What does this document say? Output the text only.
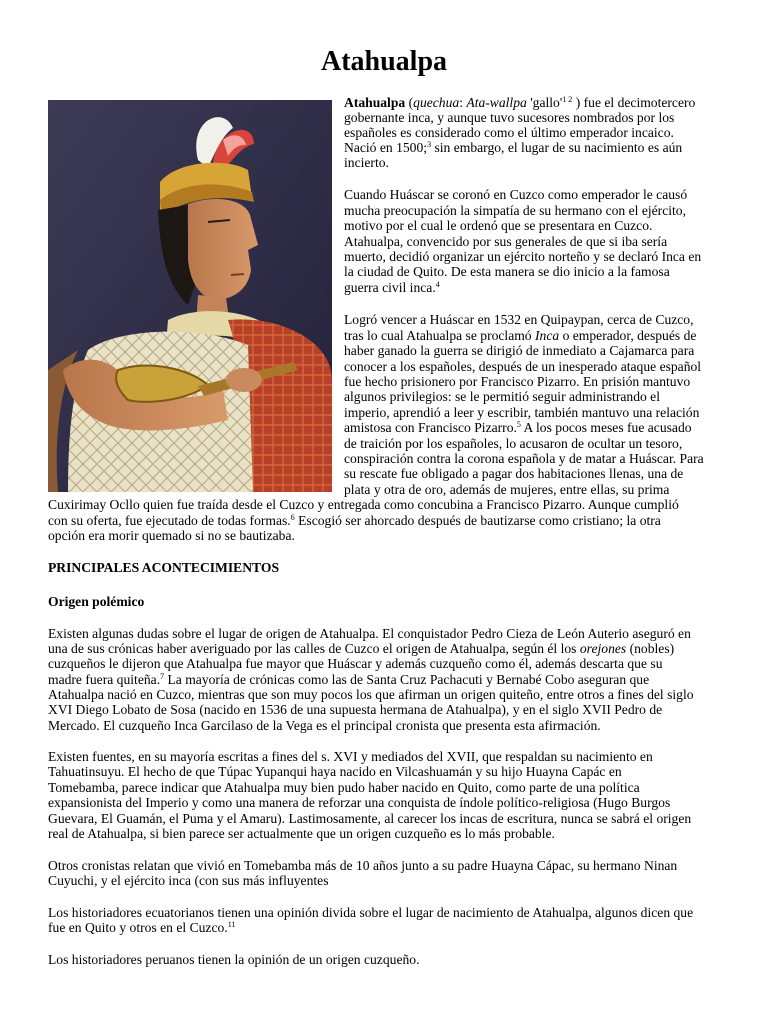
Atahualpa
Atahualpa (quechua: Ata-wallpa '$gallo'^{1 2}$ ) fue el decimotercero
gobernante inca, y aunque tuvo sucesores nombrados por los
españoles es considerado como el último emperador incaico.
Nació en 1500;$^3$ sin embargo, el lugar de su nacimiento es aún
incierto.
Cuando Huáscar se coronó en Cuzco como emperador le causó
mucha preocupación la simpatía de su hermano con el ejército,
motivo por el cual le ordenó que se presentara en Cuzco.
Atahualpa, convencido por sus generales de que si iba sería
muerto, decidió organizar un ejército norteño y se declaró Inca en
la ciudad de Quito. De esta manera se dio inicio a la famosa
guerra civil inca.$^4$
Logró vencer a Huáscar en 1532 en Quipaypan, cerca de Cuzco,
tras lo cual Atahualpa se proclamó Inca o emperador, después de
haber ganado la guerra se dirigió de inmediato a Cajamarca para
conocer a los españoles, después de un inesperado ataque español
fue hecho prisionero por Francisco Pizarro. En prisión mantuvo
algunos privilegios: se le permitió seguir administrando el
imperio, aprendió a leer y escribir, también mantuvo una relación
amistosa con Francisco Pizarro.$^5$ A los pocos meses fue acusado
de traición por los españoles, lo acusaron de ocultar un tesoro,
conspiración contra la corona española y de matar a Huáscar. Para
su rescate fue obligado a pagar dos habitaciones llenas, una de
plata y otra de oro, además de mujeres, entre ellas, su prima
Cuxirimay Ocllo quien fue traída desde el Cuzco y entregada como concubina a Francisco Pizarro. Aunque cumplió
con su oferta, fue ejecutado de todas formas.$^6$ Escogió ser ahorcado después de bautizarse como cristiano; la otra
opción era morir quemado si no se bautizaba.
PRINCIPALES ACONTECIMIENTOS
Origen polémico
Existen algunas dudas sobre el lugar de origen de Atahualpa. El conquistador Pedro Cieza de León Auterio aseguró en
una de sus crónicas haber averiguado por las calles de Cuzco el origen de Atahualpa, según él los orejones (nobles)
cuzqueños le dijeron que Atahualpa fue mayor que Huáscar y además cuzqueño como él, además descarta que su
madre fuera quiteña.$^7$ La mayoría de crónicas como las de Santa Cruz Pachacuti y Bernabé Cobo aseguran que
Atahualpa nació en Cuzco, mientras que son muy pocos los que afirman un origen quiteño, entre otros a fines del siglo
XVI Diego Lobato de Sosa (nacido en 1536 de una supuesta hermana de Atahualpa), y en el siglo XVII Pedro de
Mercado. El cuzqueño Inca Garcilaso de la Vega es el principal cronista que presenta esta afirmación.
Existen fuentes, en su mayoría escritas a fines del s. XVI y mediados del XVII, que respaldan su nacimiento en
Tahuatinsuyu. El hecho de que Túpac Yupanqui haya nacido en Vilcashuamán y su hijo Huayna Capác en
Tomebamba, parece indicar que Atahualpa muy bien pudo haber nacido en Quito, como parte de una política
expansionista del Imperio y como una manera de reforzar una conquista de índole político-religiosa (Hugo Burgos
Guevara, El Guamán, el Puma y el Amaru). Lastimosamente, al carecer los incas de escritura, nunca se sabrá el origen
real de Atahualpa, si bien parece ser actualmente que un origen cuzqueño es lo más probable.
Otros cronistas relatan que vivió en Tomebamba más de 10 años junto a su padre Huayna Cápac, su hermano Ninan
Cuyuchi, y el ejército inca (con sus más influyentes
Los historiadores ecuatorianos tienen una opinión divida sobre el lugar de nacimiento de Atahualpa, algunos dicen que
fue en Quito y otros en el Cuzco.$^{11}$
Los historiadores peruanos tienen la opinión de un origen cuzqueño.
